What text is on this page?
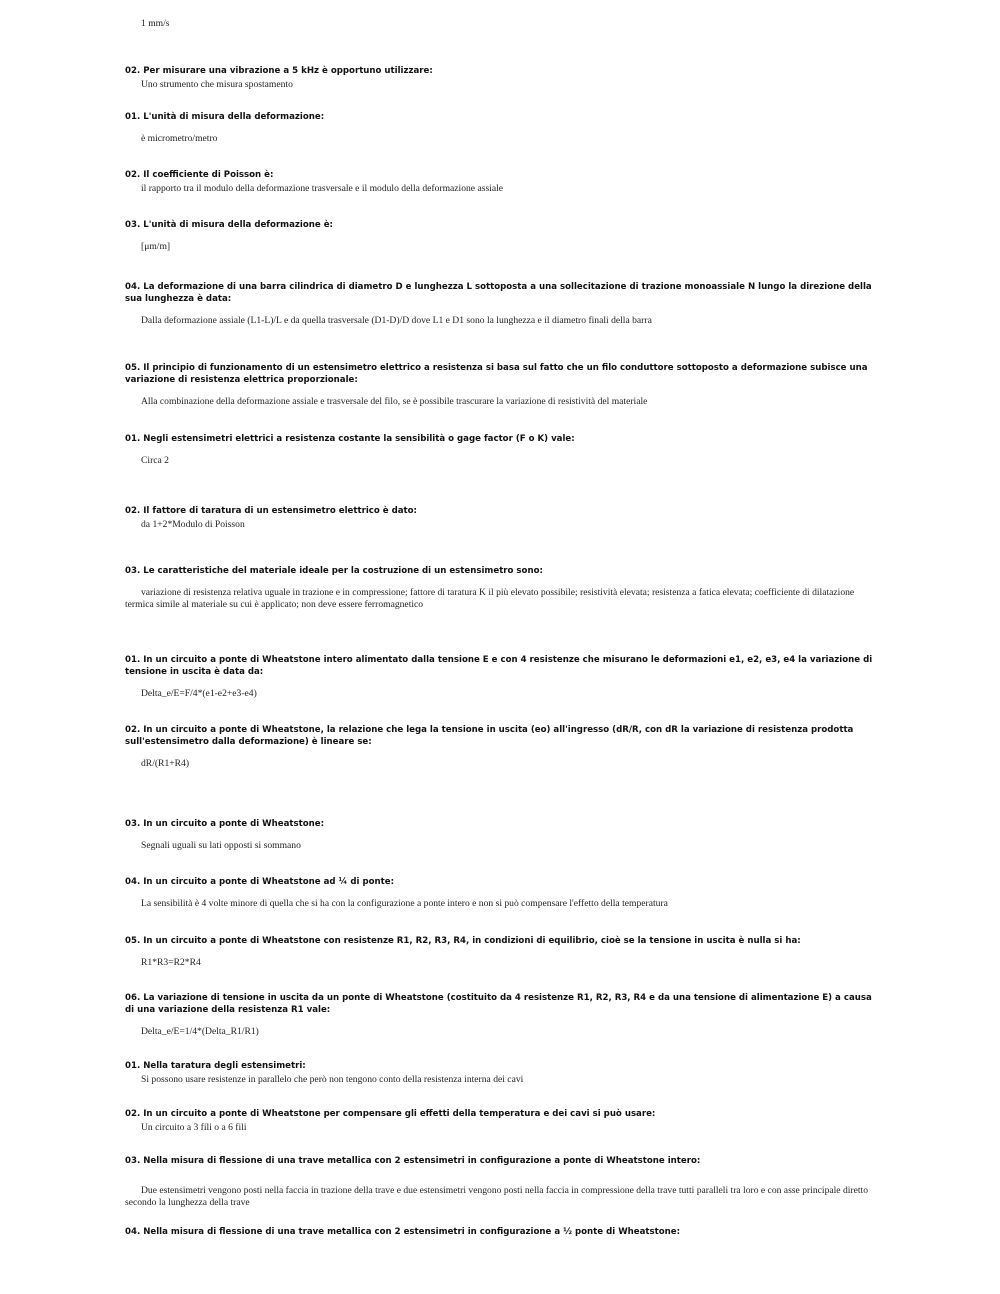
1 mm/s
02. Per misurare una vibrazione a 5 kHz è opportuno utilizzare:
Uno strumento che misura spostamento
01. L'unità di misura della deformazione:
è micrometro/metro
02. Il coefficiente di Poisson è:
il rapporto tra il modulo della deformazione trasversale e il modulo della deformazione assiale
03. L'unità di misura della deformazione è:
[μm/m]
04. La deformazione di una barra cilindrica di diametro D e lunghezza L sottoposta a una sollecitazione di trazione monoassiale N lungo la direzione della sua lunghezza è data:
Dalla deformazione assiale (L1-L)/L e da quella trasversale (D1-D)/D dove L1 e D1 sono la lunghezza e il diametro finali della barra
05. Il principio di funzionamento di un estensimetro elettrico a resistenza si basa sul fatto che un filo conduttore sottoposto a deformazione subisce una variazione di resistenza elettrica proporzionale:
Alla combinazione della deformazione assiale e trasversale del filo, se è possibile trascurare la variazione di resistività del materiale
01. Negli estensimetri elettrici a resistenza costante la sensibilità o gage factor (F o K) vale:
Circa 2
02. Il fattore di taratura di un estensimetro elettrico è dato:
da 1+2*Modulo di Poisson
03. Le caratteristiche del materiale ideale per la costruzione di un estensimetro sono:
variazione di resistenza relativa uguale in trazione e in compressione; fattore di taratura K il più elevato possibile; resistività elevata; resistenza a fatica elevata; coefficiente di dilatazione termica simile al materiale su cui è applicato; non deve essere ferromagnetico
01. In un circuito a ponte di Wheatstone intero alimentato dalla tensione E e con 4 resistenze che misurano le deformazioni e1, e2, e3, e4 la variazione di tensione in uscita è data da:
Delta_e/E=F/4*(e1-e2+e3-e4)
02. In un circuito a ponte di Wheatstone, la relazione che lega la tensione in uscita (eo) all'ingresso (dR/R, con dR la variazione di resistenza prodotta sull'estensimetro dalla deformazione) è lineare se:
dR/(R1+R4)
03. In un circuito a ponte di Wheatstone:
Segnali uguali su lati opposti si sommano
04. In un circuito a ponte di Wheatstone ad ¼ di ponte:
La sensibilità è 4 volte minore di quella che si ha con la configurazione a ponte intero e non si può compensare l'effetto della temperatura
05. In un circuito a ponte di Wheatstone con resistenze R1, R2, R3, R4, in condizioni di equilibrio, cioè se la tensione in uscita è nulla si ha:
R1*R3=R2*R4
06. La variazione di tensione in uscita da un ponte di Wheatstone (costituito da 4 resistenze R1, R2, R3, R4 e da una tensione di alimentazione E) a causa di una variazione della resistenza R1 vale:
Delta_e/E=1/4*(Delta_R1/R1)
01. Nella taratura degli estensimetri:
Si possono usare resistenze in parallelo che però non tengono conto della resistenza interna dei cavi
02. In un circuito a ponte di Wheatstone per compensare gli effetti della temperatura e dei cavi si può usare:
Un circuito a 3 fili o a 6 fili
03. Nella misura di flessione di una trave metallica con 2 estensimetri in configurazione a ponte di Wheatstone intero:
Due estensimetri vengono posti nella faccia in trazione della trave e due estensimetri vengono posti nella faccia in compressione della trave tutti paralleli tra loro e con asse principale diretto secondo la lunghezza della trave
04. Nella misura di flessione di una trave metallica con 2 estensimetri in configurazione a ½ ponte di Wheatstone:
